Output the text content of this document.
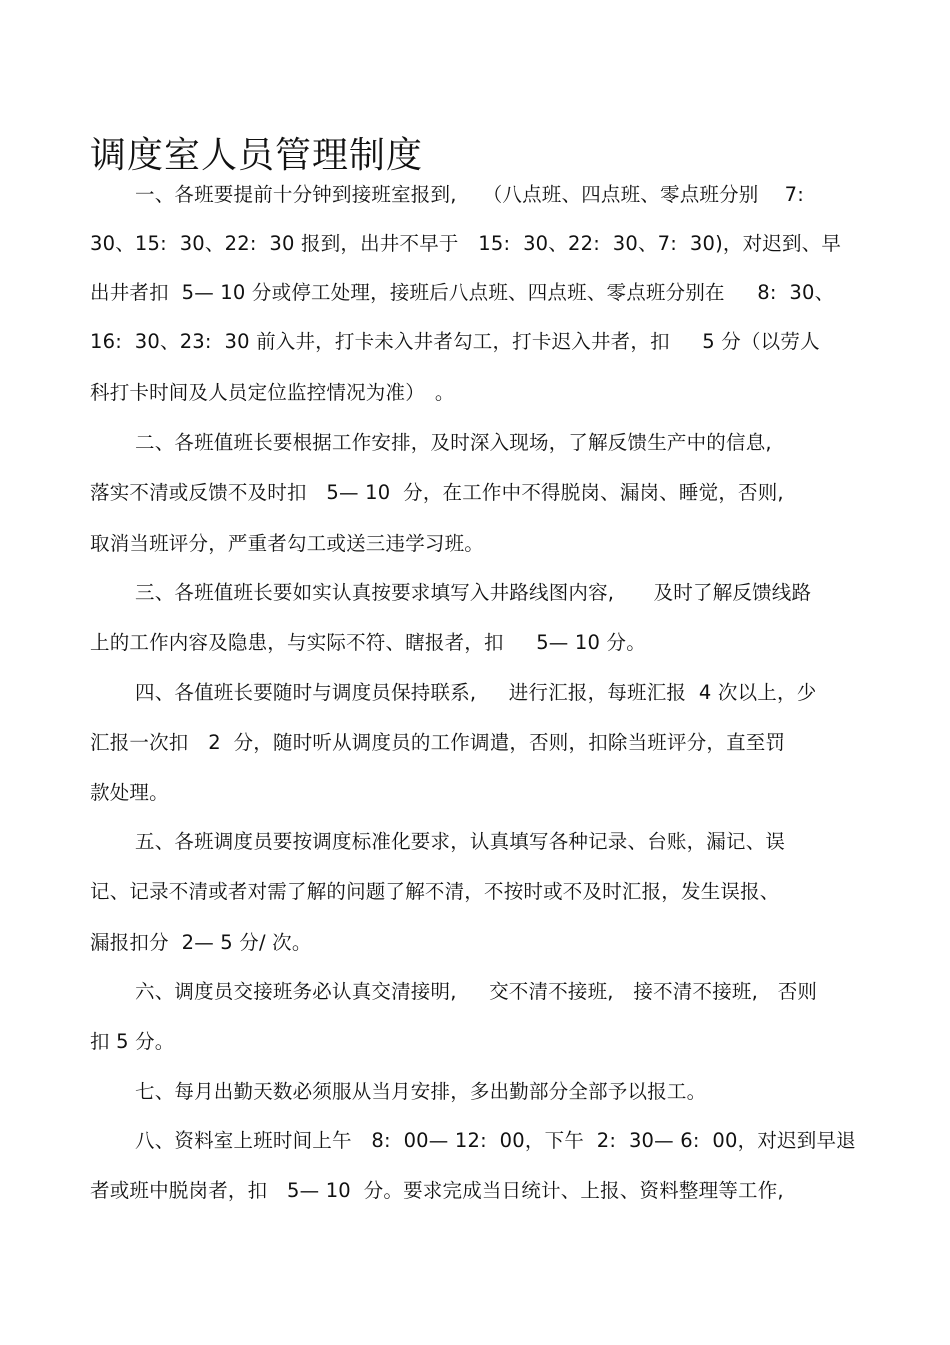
调度室人员管理制度
一、各班要提前十分钟到接班室报到,　 （八点班、四点班、零点班分别　 7:
30、15:  30、22:  30 报到，出井不早于　15:  30、22:  30、7:  30)，对迟到、早
出井者扣  5— 10 分或停工处理，接班后八点班、四点班、零点班分别在　  8:  30、
16:  30、23:  30 前入井，打卡未入井者勾工，打卡迟入井者，扣　  5 分（以劳人
科打卡时间及人员定位监控情况为准）　。
二、各班值班长要根据工作安排，及时深入现场，了解反馈生产中的信息,
落实不清或反馈不及时扣　5— 10  分，在工作中不得脱岗、漏岗、睡觉，否则,
取消当班评分，严重者勾工或送三违学习班。
三、各班值班长要如实认真按要求填写入井路线图内容,　　及时了解反馈线路
上的工作内容及隐患，与实际不符、瞎报者，扣　  5— 10 分。
四、各值班长要随时与调度员保持联系,　  进行汇报，每班汇报  4 次以上，少
汇报一次扣　2  分，随时听从调度员的工作调遣，否则，扣除当班评分，直至罚
款处理。
五、各班调度员要按调度标准化要求，认真填写各种记录、台账，漏记、误
记、记录不清或者对需了解的问题了解不清，不按时或不及时汇报，发生误报、
漏报扣分  2— 5 分/ 次。
六、调度员交接班务必认真交清接明,　  交不清不接班,　接不清不接班,　否则
扣 5 分。
七、每月出勤天数必须服从当月安排，多出勤部分全部予以报工。
八、资料室上班时间上午　8:  00— 12:  00，下午  2:  30— 6:  00，对迟到早退
者或班中脱岗者，扣　5— 10  分。要求完成当日统计、上报、资料整理等工作,
